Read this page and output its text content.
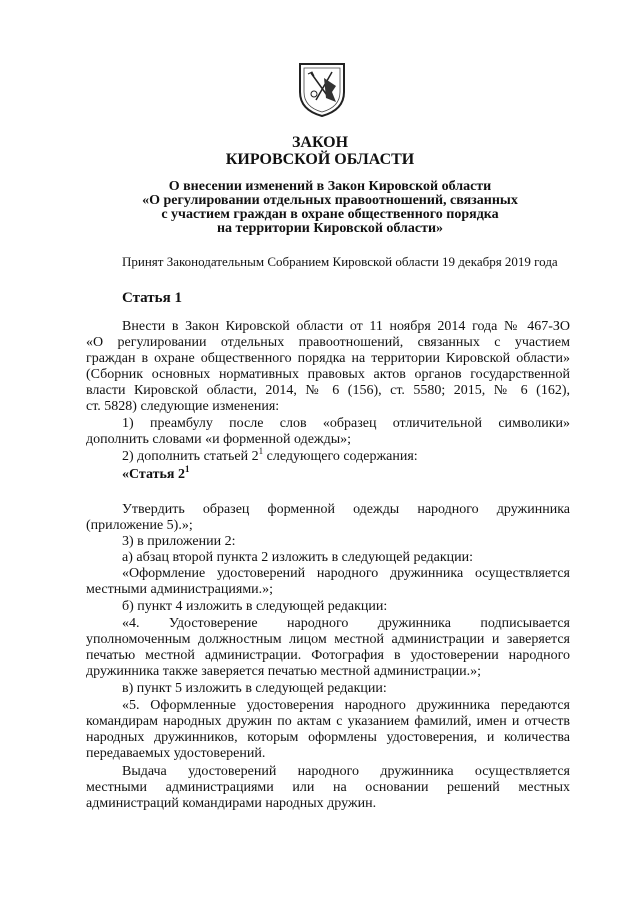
ЗАКОН
КИРОВСКОЙ ОБЛАСТИ
О внесении изменений в Закон Кировской области
«О регулировании отдельных правоотношений, связанных
с участием граждан в охране общественного порядка
на территории Кировской области»
Принят Законодательным Собранием Кировской области 19 декабря 2019 года
Статья 1
Внести в Закон Кировской области от 11 ноября 2014 года № 467-ЗО
«О регулировании отдельных правоотношений, связанных с участием
граждан в охране общественного порядка на территории Кировской области»
(Сборник основных нормативных правовых актов органов государственной
власти Кировской области, 2014, № 6 (156), ст. 5580; 2015, № 6 (162),
ст. 5828) следующие изменения:
1) преамбулу после слов «образец отличительной символики»
дополнить словами «и форменной одежды»;
2) дополнить статьей $2^1$ следующего содержания:
«Статья $2^1$
Утвердить образец форменной одежды народного дружинника
(приложение 5).»;
3) в приложении 2:
а) абзац второй пункта 2 изложить в следующей редакции:
«Оформление удостоверений народного дружинника осуществляется
местными администрациями.»;
б) пункт 4 изложить в следующей редакции:
«4. Удостоверение народного дружинника подписывается
уполномоченным должностным лицом местной администрации и заверяется
печатью местной администрации. Фотография в удостоверении народного
дружинника также заверяется печатью местной администрации.»;
в) пункт 5 изложить в следующей редакции:
«5. Оформленные удостоверения народного дружинника передаются
командирам народных дружин по актам с указанием фамилий, имен и отчеств
народных дружинников, которым оформлены удостоверения, и количества
передаваемых удостоверений.
Выдача удостоверений народного дружинника осуществляется
местными администрациями или на основании решений местных
администраций командирами народных дружин.
